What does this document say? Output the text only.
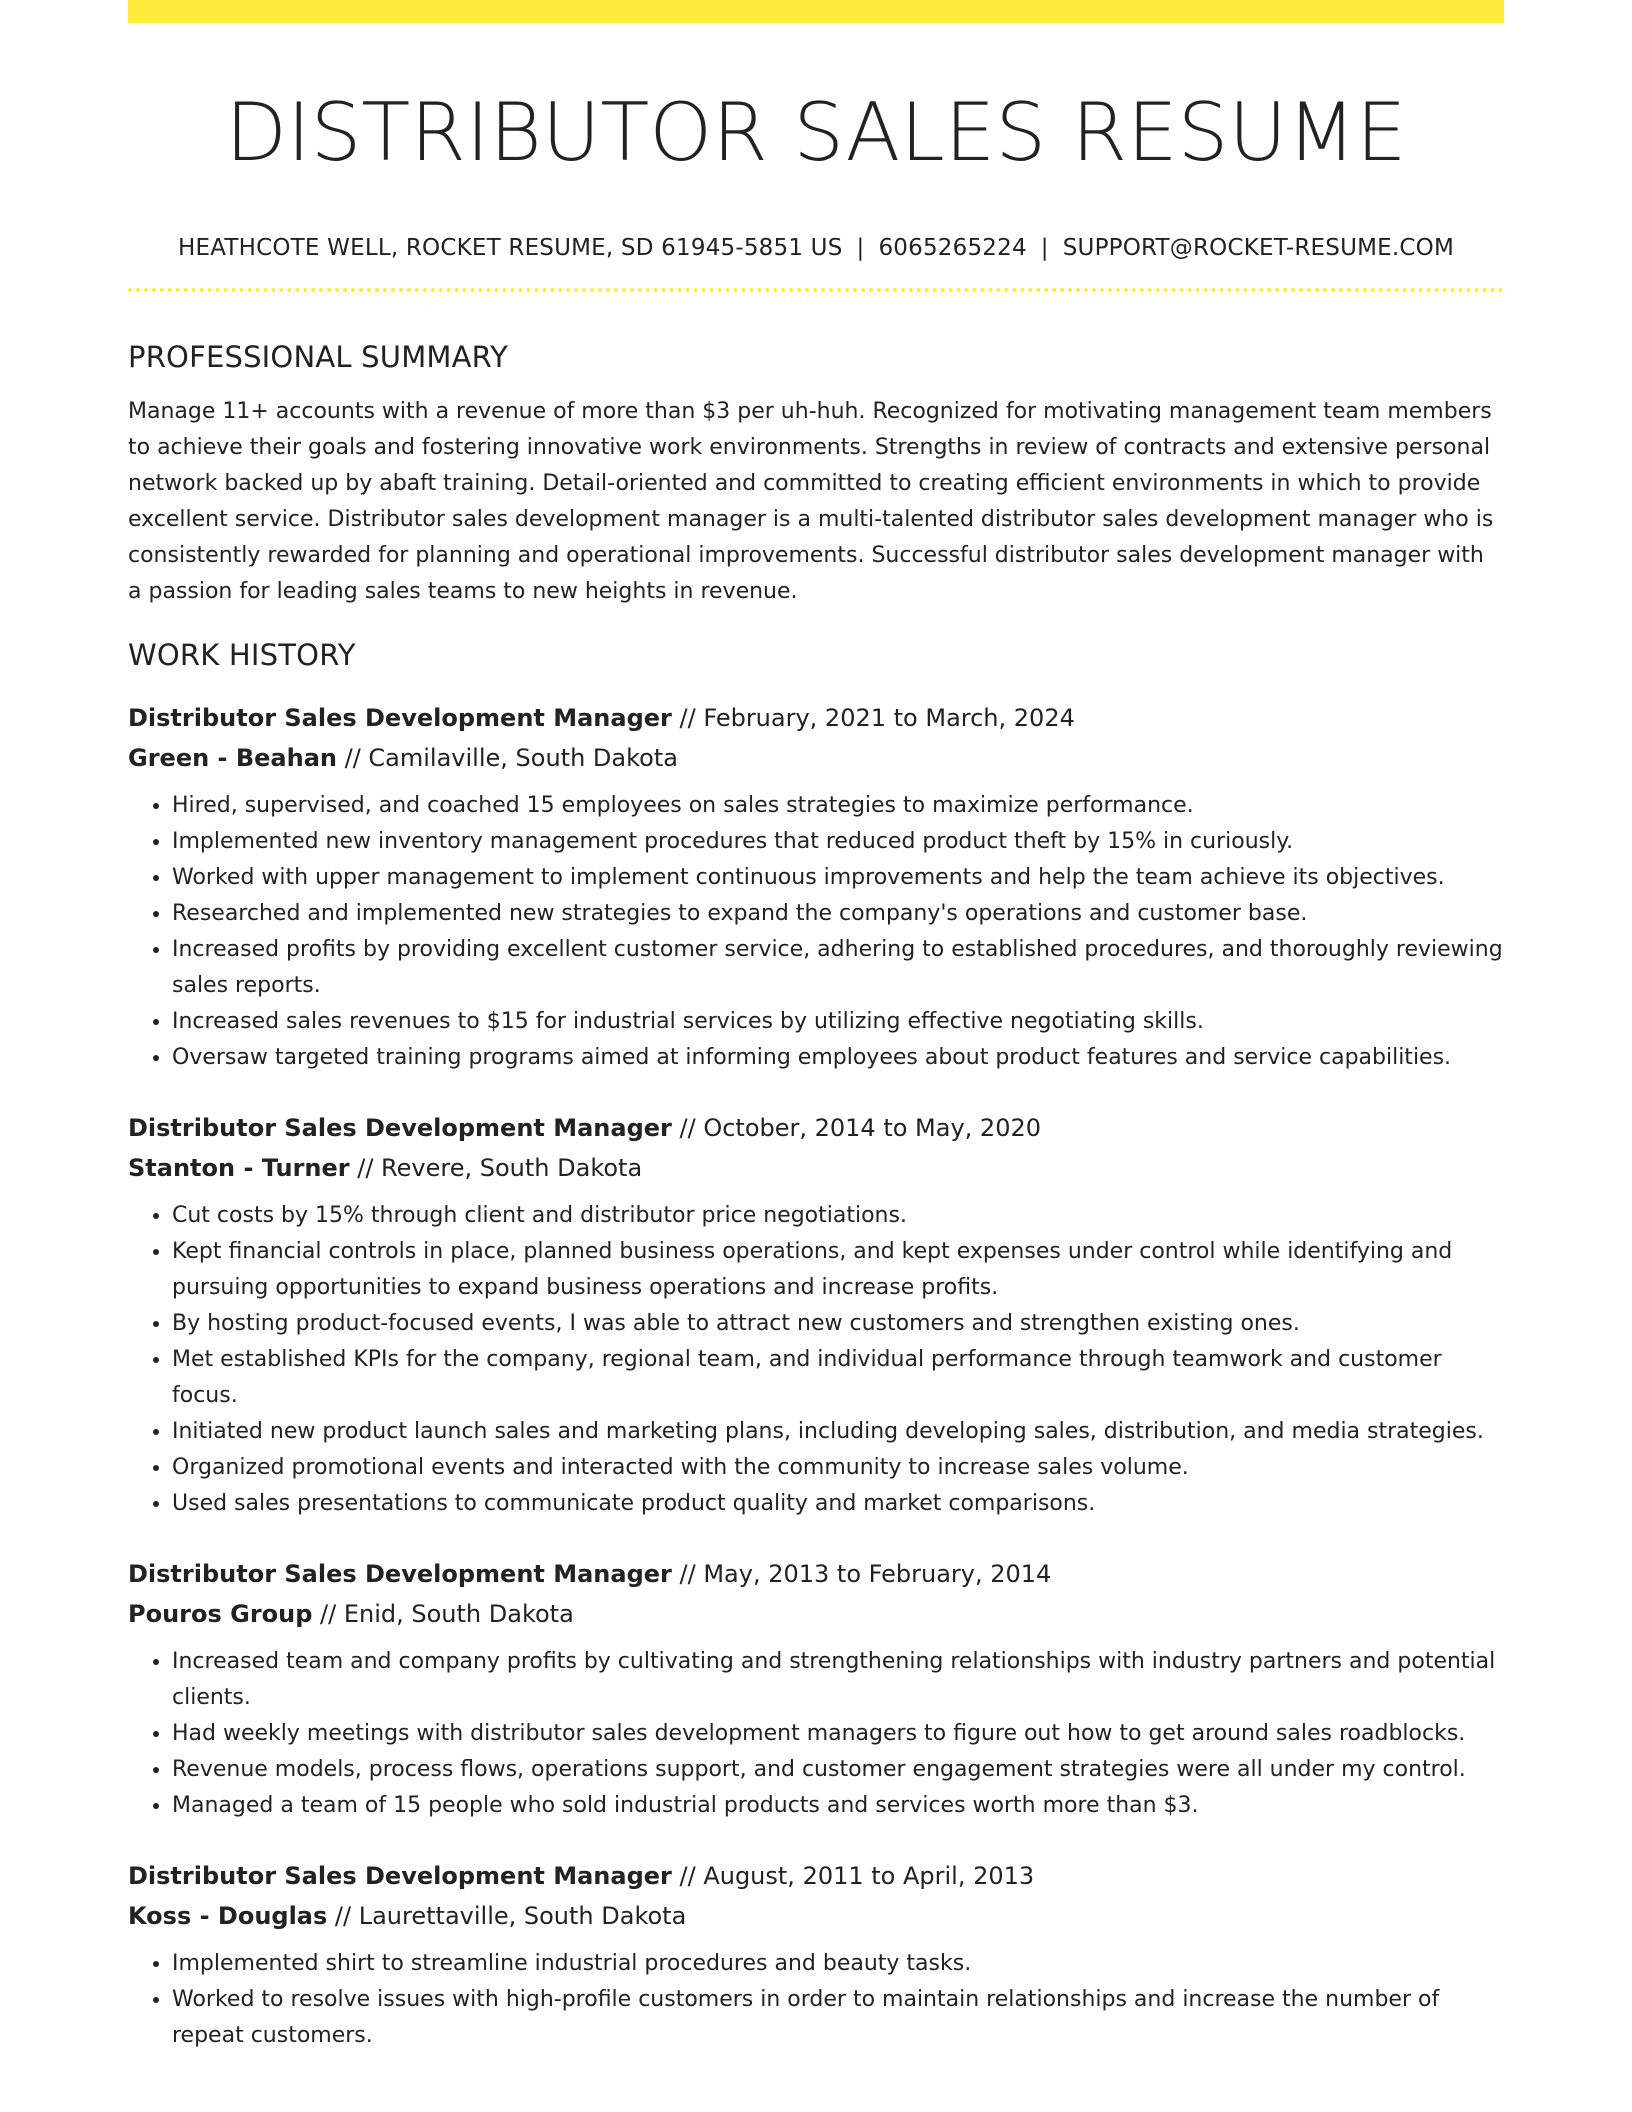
DISTRIBUTOR SALES RESUME
HEATHCOTE WELL, ROCKET RESUME, SD 61945-5851 US | 6065265224 | SUPPORT@ROCKET-RESUME.COM
PROFESSIONAL SUMMARY
Manage 11+ accounts with a revenue of more than $3 per uh-huh. Recognized for motivating management team members to achieve their goals and fostering innovative work environments. Strengths in review of contracts and extensive personal network backed up by abaft training. Detail-oriented and committed to creating efficient environments in which to provide excellent service. Distributor sales development manager is a multi-talented distributor sales development manager who is consistently rewarded for planning and operational improvements. Successful distributor sales development manager with a passion for leading sales teams to new heights in revenue.
WORK HISTORY
Distributor Sales Development Manager // February, 2021 to March, 2024
Green - Beahan // Camilaville, South Dakota
• Hired, supervised, and coached 15 employees on sales strategies to maximize performance.
• Implemented new inventory management procedures that reduced product theft by 15% in curiously.
• Worked with upper management to implement continuous improvements and help the team achieve its objectives.
• Researched and implemented new strategies to expand the company's operations and customer base.
• Increased profits by providing excellent customer service, adhering to established procedures, and thoroughly reviewing sales reports.
• Increased sales revenues to $15 for industrial services by utilizing effective negotiating skills.
• Oversaw targeted training programs aimed at informing employees about product features and service capabilities.
Distributor Sales Development Manager // October, 2014 to May, 2020
Stanton - Turner // Revere, South Dakota
• Cut costs by 15% through client and distributor price negotiations.
• Kept financial controls in place, planned business operations, and kept expenses under control while identifying and pursuing opportunities to expand business operations and increase profits.
• By hosting product-focused events, I was able to attract new customers and strengthen existing ones.
• Met established KPIs for the company, regional team, and individual performance through teamwork and customer focus.
• Initiated new product launch sales and marketing plans, including developing sales, distribution, and media strategies.
• Organized promotional events and interacted with the community to increase sales volume.
• Used sales presentations to communicate product quality and market comparisons.
Distributor Sales Development Manager // May, 2013 to February, 2014
Pouros Group // Enid, South Dakota
• Increased team and company profits by cultivating and strengthening relationships with industry partners and potential clients.
• Had weekly meetings with distributor sales development managers to figure out how to get around sales roadblocks.
• Revenue models, process flows, operations support, and customer engagement strategies were all under my control.
• Managed a team of 15 people who sold industrial products and services worth more than $3.
Distributor Sales Development Manager // August, 2011 to April, 2013
Koss - Douglas // Laurettaville, South Dakota
• Implemented shirt to streamline industrial procedures and beauty tasks.
• Worked to resolve issues with high-profile customers in order to maintain relationships and increase the number of repeat customers.
